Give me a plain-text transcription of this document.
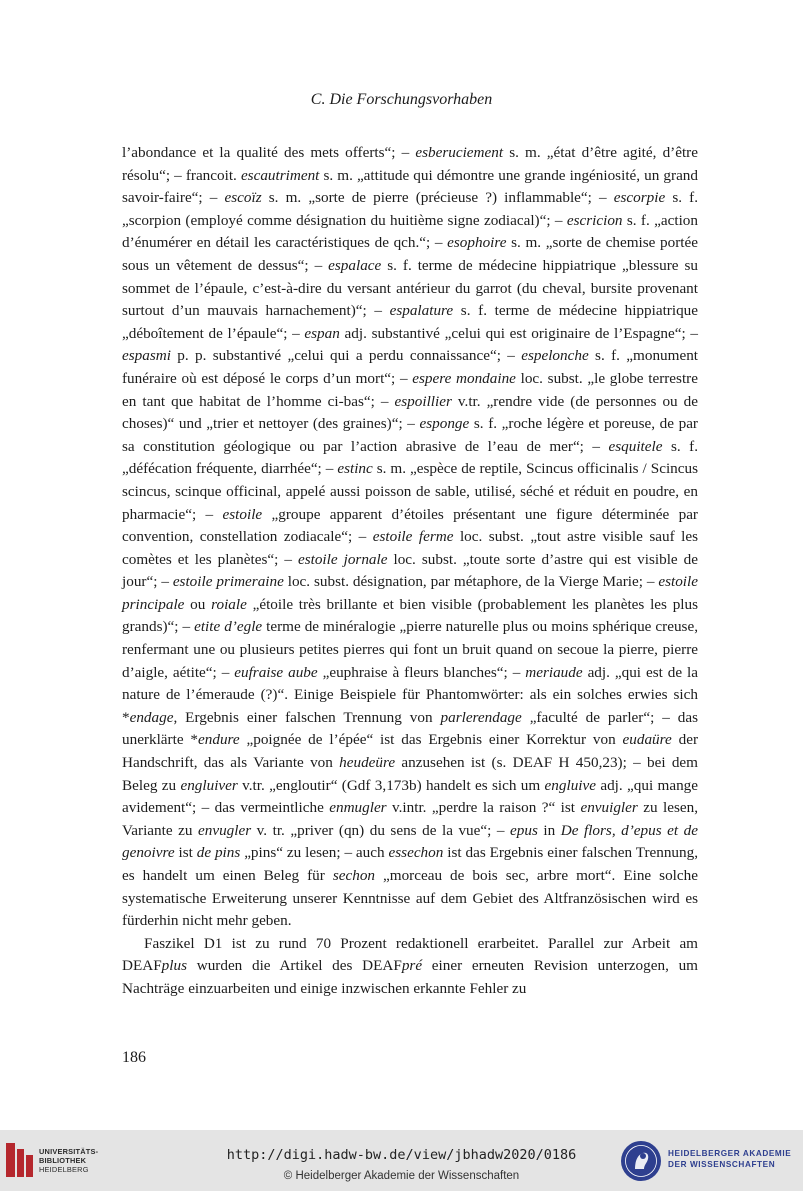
C. Die Forschungsvorhaben

l’abondance et la qualité des mets offerts“; – esberuciement s. m. „état d’être agité, d’être résolu“; – francoit. escautriment s. m. „attitude qui démontre une grande ingéniosité, un grand savoir-faire“; – escoïz s. m. „sorte de pierre (précieuse ?) inflammable“; – escorpie s. f. „scorpion (employé comme désignation du huitième signe zodiacal)“; – escricion s. f. „action d’énumérer en détail les caractéristiques de qch.“; – esophoire s. m. „sorte de chemise portée sous un vêtement de dessus“; – espalace s. f. terme de médecine hippiatrique „blessure su sommet de l’épaule, c’est-à-dire du versant antérieur du garrot (du cheval, bursite provenant surtout d’un mauvais harnachement)“; – espalature s. f. terme de médecine hippiatrique „déboîtement de l’épaule“; – espan adj. substantivé „celui qui est originaire de l’Espagne“; – espasmi p. p. substantivé „celui qui a perdu connaissance“; – espelonche s. f. „monument funéraire où est déposé le corps d’un mort“; – espere mondaine loc. subst. „le globe terrestre en tant que habitat de l’homme ci-bas“; – espoillier v.tr. „rendre vide (de personnes ou de choses)“ und „trier et nettoyer (des graines)“; – esponge s. f. „roche légère et poreuse, de par sa constitution géologique ou par l’action abrasive de l’eau de mer“; – esquitele s. f. „défécation fréquente, diarrhée“; – estinc s. m. „espèce de reptile, Scincus officinalis / Scincus scincus, scinque officinal, appelé aussi poisson de sable, utilisé, séché et réduit en poudre, en pharmacie“; – estoile „groupe apparent d’étoiles présentant une figure déterminée par convention, constellation zodiacale“; – estoile ferme loc. subst. „tout astre visible sauf les comètes et les planètes“; – estoile jornale loc. subst. „toute sorte d’astre qui est visible de jour“; – estoile primeraine loc. subst. désignation, par métaphore, de la Vierge Marie; – estoile principale ou roiale „étoile très brillante et bien visible (probablement les planètes les plus grands)“; – etite d’egle terme de minéralogie „pierre naturelle plus ou moins sphérique creuse, renfermant une ou plusieurs petites pierres qui font un bruit quand on secoue la pierre, pierre d’aigle, aétite“; – eufraise aube „euphraise à fleurs blanches“; – meriaude adj. „qui est de la nature de l’émeraude (?)“. Einige Beispiele für Phantomwörter: als ein solches erwies sich *endage, Ergebnis einer falschen Trennung von parlerendage „faculté de parler“; – das unerklärte *endure „poignée de l’épée“ ist das Ergebnis einer Korrektur von eudaüre der Handschrift, das als Variante von heudeüre anzusehen ist (s. DEAF H 450,23); – bei dem Beleg zu engluiver v.tr. „engloutir“ (Gdf 3,173b) handelt es sich um engluive adj. „qui mange avidement“; – das vermeintliche enmugler v.intr. „perdre la raison ?“ ist envuigler zu lesen, Variante zu envugler v. tr. „priver (qn) du sens de la vue“; – epus in De flors, d’epus et de genoivre ist de pins „pins“ zu lesen; – auch essechon ist das Ergebnis einer falschen Trennung, es handelt um einen Beleg für sechon „morceau de bois sec, arbre mort“. Eine solche systematische Erweiterung unserer Kenntnisse auf dem Gebiet des Altfranzösischen wird es fürderhin nicht mehr geben.

Faszikel D1 ist zu rund 70 Prozent redaktionell erarbeitet. Parallel zur Arbeit am DEAFplus wurden die Artikel des DEAFpré einer erneuten Revision unterzogen, um Nachträge einzuarbeiten und einige inzwischen erkannte Fehler zu

186
UNIVERSITÄTS-
BIBLIOTHEK
HEIDELBERG
http://digi.hadw-bw.de/view/jbhadw2020/0186
© Heidelberger Akademie der Wissenschaften
HEIDELBERGER AKADEMIE
DER WISSENSCHAFTEN
